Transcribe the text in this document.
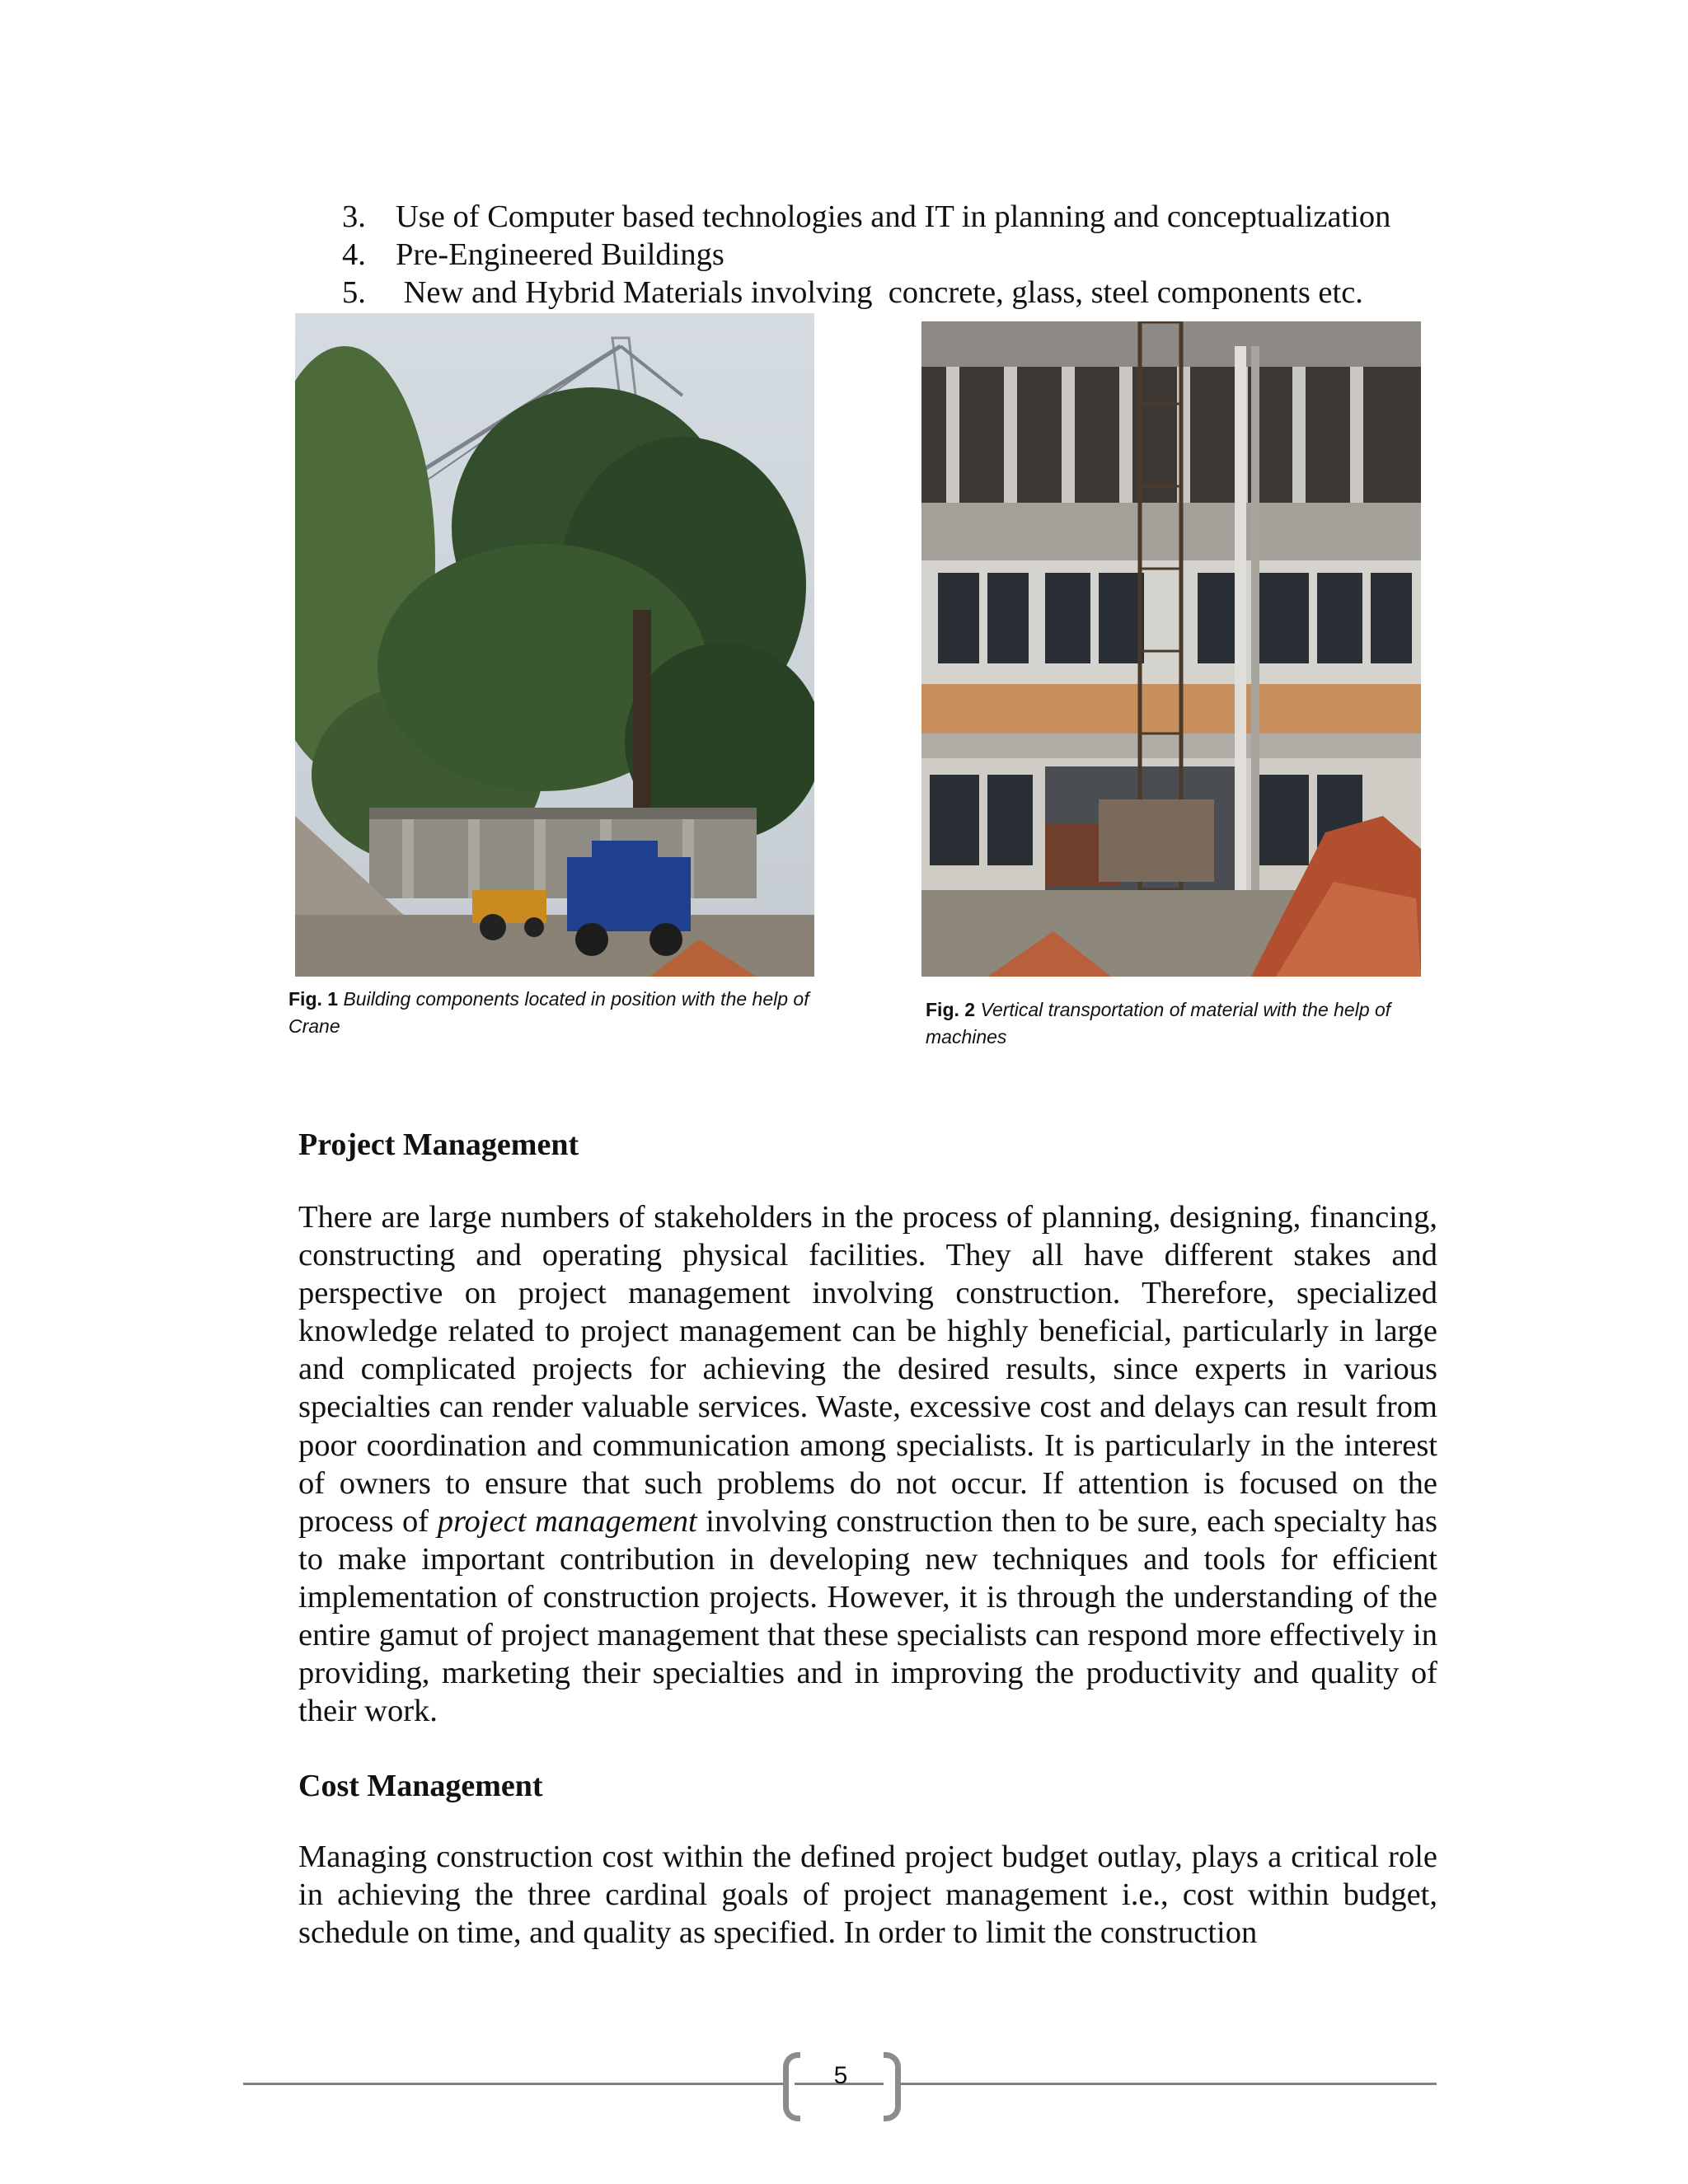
3. Use of Computer based technologies and IT in planning and conceptualization
4. Pre-Engineered Buildings
5. New and Hybrid Materials involving  concrete, glass, steel components etc.
Fig. 1 Building components located in position with the help of Crane
Fig. 2 Vertical transportation of material with the help of machines
Project Management

There are large numbers of stakeholders in the process of planning, designing, financing, constructing and operating physical facilities. They all have different stakes and perspective on project management involving construction. Therefore, specialized knowledge related to project management can be highly beneficial, particularly in large and complicated projects for achieving the desired results, since experts in various specialties can render valuable services. Waste, excessive cost and delays can result from poor coordination and communication among specialists. It is particularly in the interest of owners to ensure that such problems do not occur. If attention is focused on the process of project management involving construction then to be sure, each specialty has to make important contribution in developing new techniques and tools for efficient implementation of construction projects. However, it is through the understanding of the entire gamut of project management that these specialists can respond more effectively in providing, marketing their specialties and in improving the productivity and quality of their work.

Cost Management

Managing construction cost within the defined project budget outlay, plays a critical role in achieving the three cardinal goals of project management i.e., cost within budget, schedule on time, and quality as specified. In order to limit the construction

5
